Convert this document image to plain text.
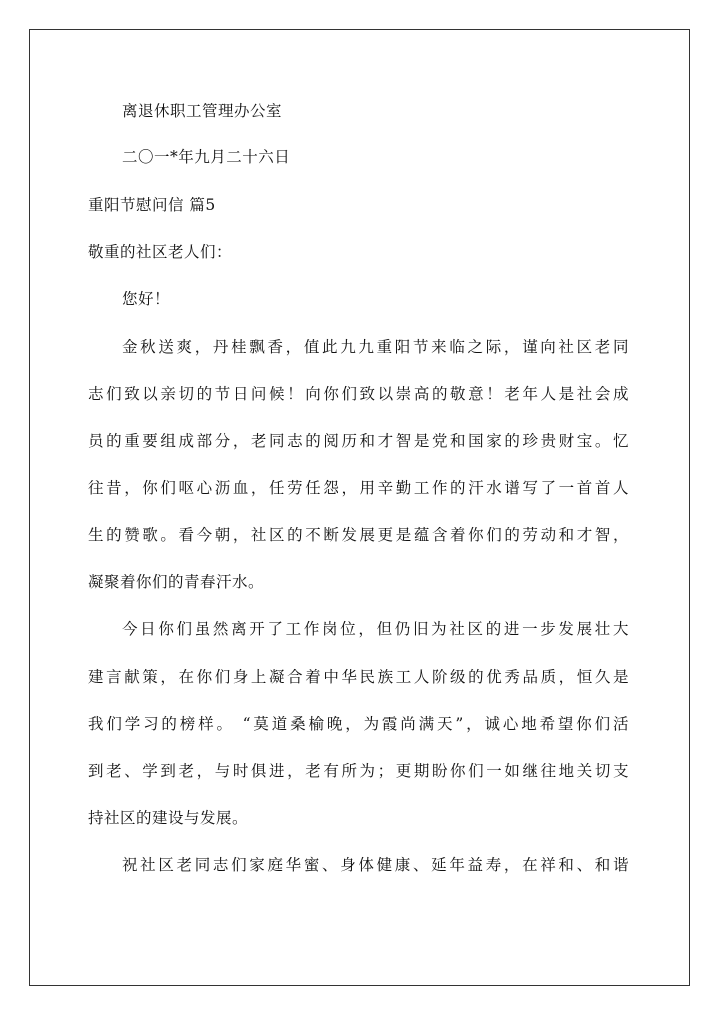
离退休职工管理办公室
二〇一*年九月二十六日
重阳节慰问信 篇5
敬重的社区老人们：
您好！
金秋送爽，丹桂飘香，值此九九重阳节来临之际，谨向社区老同
志们致以亲切的节日问候！向你们致以崇高的敬意！老年人是社会成
员的重要组成部分，老同志的阅历和才智是党和国家的珍贵财宝。忆
往昔，你们呕心沥血，任劳任怨，用辛勤工作的汗水谱写了一首首人
生的赞歌。看今朝，社区的不断发展更是蕴含着你们的劳动和才智，
凝聚着你们的青春汗水。
今日你们虽然离开了工作岗位，但仍旧为社区的进一步发展壮大
建言献策，在你们身上凝合着中华民族工人阶级的优秀品质，恒久是
我们学习的榜样。 “莫道桑榆晚，为霞尚满天”，诚心地希望你们活
到老、学到老，与时俱进，老有所为；更期盼你们一如继往地关切支
持社区的建设与发展。
祝社区老同志们家庭华蜜、身体健康、延年益寿，在祥和、和谐
